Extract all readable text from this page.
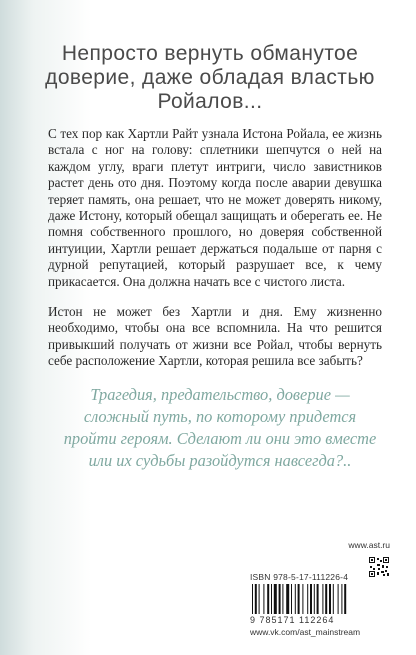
Непросто вернуть обманутое доверие, даже обладая властью Ройалов...

С тех пор как Хартли Райт узнала Истона Ройала, ее жизнь встала с ног на голову: сплетники шепчутся о ней на каждом углу, враги плетут интриги, число завистников растет день ото дня. Поэтому когда после аварии девушка теряет память, она решает, что не может доверять никому, даже Истону, который обещал защищать и оберегать ее. Не помня собственного прошлого, но доверяя собственной интуиции, Хартли решает держаться подальше от парня с дурной репутацией, который разрушает все, к чему прикасается. Она должна начать все с чистого листа.

Истон не может без Хартли и дня. Ему жизненно необходимо, чтобы она все вспомнила. На что решится привыкший получать от жизни все Ройал, чтобы вернуть себе расположение Хартли, которая решила все забыть?

Трагедия, предательство, доверие — сложный путь, по которому придется пройти героям. Сделают ли они это вместе или их судьбы разойдутся навсегда?..
www.ast.ru
ISBN 978-5-17-111226-4
9 785171 112264
www.vk.com/ast_mainstream
